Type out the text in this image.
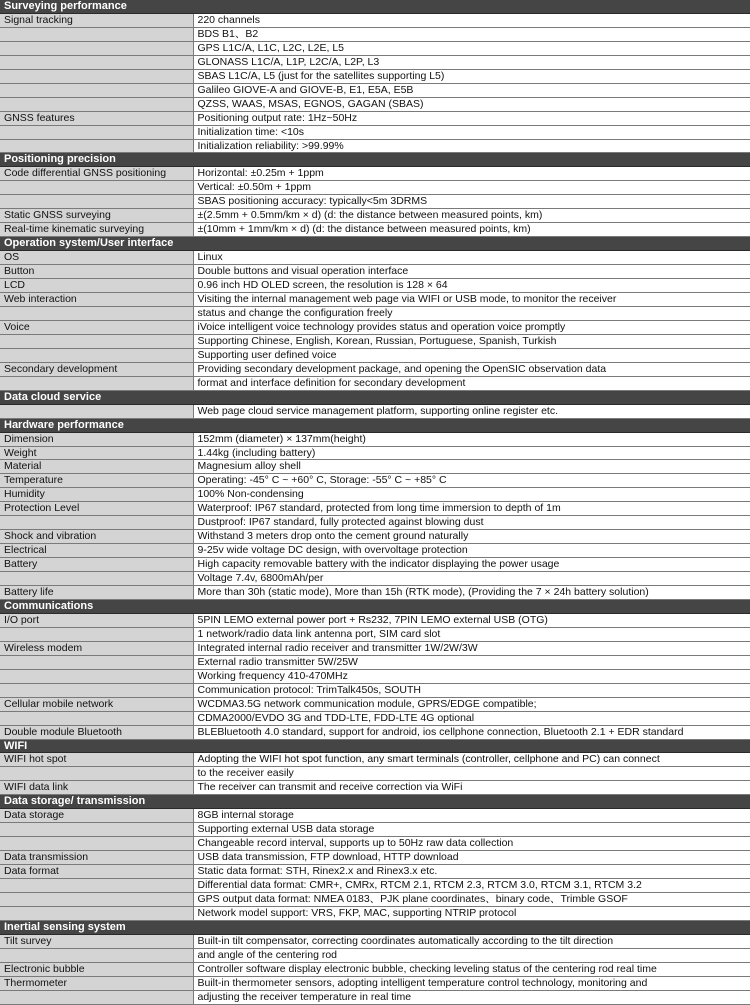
Surveying performance	
Signal tracking	220 channels
	BDS B1、B2
	GPS L1C/A, L1C, L2C, L2E, L5
	GLONASS L1C/A, L1P, L2C/A, L2P, L3
	SBAS L1C/A, L5 (just for the satellites supporting L5)
	Galileo GIOVE-A and GIOVE-B, E1, E5A, E5B
	QZSS, WAAS, MSAS, EGNOS, GAGAN (SBAS)
GNSS features	Positioning output rate: 1Hz~50Hz
	Initialization time: <10s
	Initialization reliability: >99.99%
Positioning precision	
Code differential GNSS positioning	Horizontal: ±0.25m + 1ppm
	Vertical: ±0.50m + 1ppm
	SBAS positioning accuracy: typically<5m 3DRMS
Static GNSS surveying	±(2.5mm + 0.5mm/km × d) (d: the distance between measured points, km)
Real-time kinematic surveying	±(10mm + 1mm/km × d) (d: the distance between measured points, km)
Operation system/User interface	
OS	Linux
Button	Double buttons and visual operation interface
LCD	0.96 inch HD OLED screen, the resolution is 128 × 64
Web interaction	Visiting the internal management web page via WIFI or USB mode, to monitor the receiver
	status and change the configuration freely
Voice	iVoice intelligent voice technology provides status and operation voice promptly
	Supporting Chinese, English, Korean, Russian, Portuguese, Spanish, Turkish
	Supporting user defined voice
Secondary development	Providing secondary development package, and opening the OpenSIC observation data
	format and interface definition for secondary development
Data cloud service	
	Web page cloud service management platform, supporting online register etc.
Hardware performance	
Dimension	152mm (diameter) × 137mm(height)
Weight	1.44kg (including battery)
Material	Magnesium alloy shell
Temperature	Operating: -45° C ~ +60° C, Storage: -55° C ~ +85° C
Humidity	100% Non-condensing
Protection Level	Waterproof: IP67 standard, protected from long time immersion to depth of 1m
	Dustproof: IP67 standard, fully protected against blowing dust
Shock and vibration	Withstand 3 meters drop onto the cement ground naturally
Electrical	9-25v wide voltage DC design, with overvoltage protection
Battery	High capacity removable battery with the indicator displaying the power usage
	Voltage 7.4v, 6800mAh/per
Battery life	More than 30h (static mode), More than 15h (RTK mode), (Providing the 7 × 24h battery solution)
Communications	
I/O port	5PIN LEMO external power port + Rs232, 7PIN LEMO external USB (OTG)
	1 network/radio data link antenna port, SIM card slot
Wireless modem	Integrated internal radio receiver and transmitter 1W/2W/3W
	External radio transmitter 5W/25W
	Working frequency 410-470MHz
	Communication protocol: TrimTalk450s, SOUTH
Cellular mobile network	WCDMA3.5G network communication module, GPRS/EDGE compatible;
	CDMA2000/EVDO 3G and TDD-LTE, FDD-LTE 4G optional
Double module Bluetooth	BLEBluetooth 4.0 standard, support for android, ios cellphone connection, Bluetooth 2.1 + EDR standard
WIFI	
WIFI hot spot	Adopting the WIFI hot spot function, any smart terminals (controller, cellphone and PC) can connect
	to the receiver easily
WIFI data link	The receiver can transmit and receive correction via WiFi
Data storage/ transmission	
Data storage	8GB internal storage
	Supporting external USB data storage
	Changeable record interval, supports up to 50Hz raw data collection
Data transmission	USB data transmission, FTP download, HTTP download
Data format	Static data format: STH, Rinex2.x and Rinex3.x etc.
	Differential data format: CMR+, CMRx, RTCM 2.1, RTCM 2.3, RTCM 3.0, RTCM 3.1, RTCM 3.2
	GPS output data format: NMEA 0183、PJK plane coordinates、binary code、Trimble GSOF
	Network model support: VRS, FKP, MAC, supporting NTRIP protocol
Inertial sensing system	
Tilt survey	Built-in tilt compensator, correcting coordinates automatically according to the tilt direction
	and angle of the centering rod
Electronic bubble	Controller software display electronic bubble, checking leveling status of the centering rod real time
Thermometer	Built-in thermometer sensors, adopting intelligent temperature control technology, monitoring and
	adjusting the receiver temperature in real time
